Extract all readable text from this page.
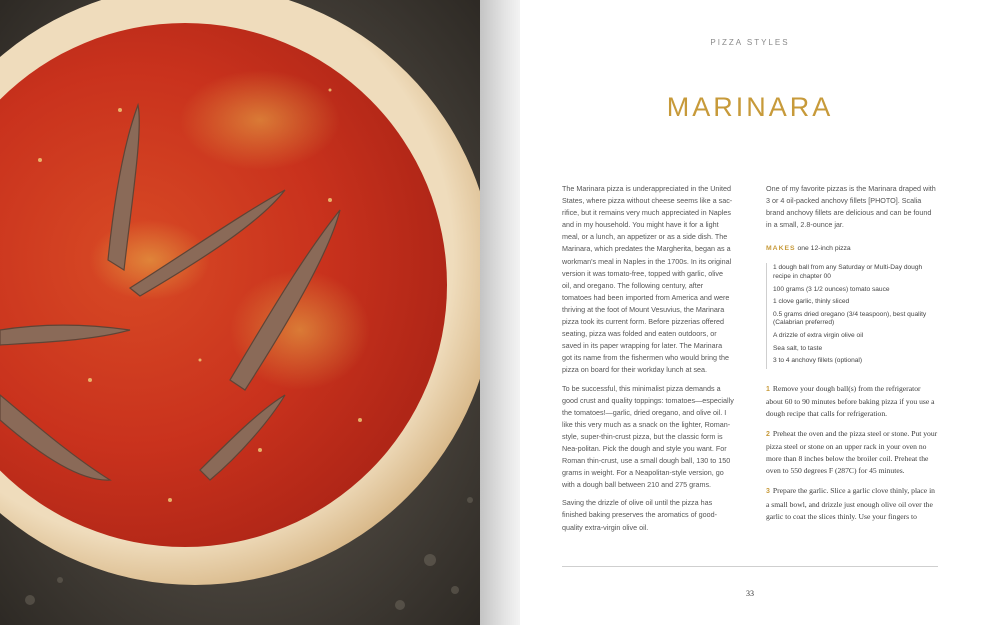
PIZZA STYLES
MARINARA

The Marinara pizza is underappreciated in the United States, where pizza without cheese seems like a sac-rifice, but it remains very much appreciated in Naples and in my household. You might have it for a light meal, or a lunch, an appetizer or as a side dish. The Marinara, which predates the Margherita, began as a workman's meal in Naples in the 1700s. In its original version it was tomato-free, topped with garlic, olive oil, and oregano. The following century, after tomatoes had been imported from America and were thriving at the foot of Mount Vesuvius, the Marinara pizza took its current form. Before pizzerias offered seating, pizza was folded and eaten outdoors, or saved in its paper wrapping for later. The Marinara got its name from the fishermen who would bring the pizza on board for their workday lunch at sea.

To be successful, this minimalist pizza demands a good crust and quality toppings: tomatoes—especially the tomatoes!—garlic, dried oregano, and olive oil. I like this very much as a snack on the lighter, Roman-style, super-thin-crust pizza, but the classic form is Nea-politan. Pick the dough and style you want. For Roman thin-crust, use a small dough ball, 130 to 150 grams in weight. For a Neapolitan-style version, go with a dough ball between 210 and 275 grams.

Saving the drizzle of olive oil until the pizza has finished baking preserves the aromatics of good-quality extra-virgin olive oil.

One of my favorite pizzas is the Marinara draped with 3 or 4 oil-packed anchovy fillets [PHOTO]. Scalia brand anchovy fillets are delicious and can be found in a small, 2.8-ounce jar.

MAKES one 12-inch pizza
1 dough ball from any Saturday or Multi-Day dough recipe in chapter 00
100 grams (3 1/2 ounces) tomato sauce
1 clove garlic, thinly sliced
0.5 grams dried oregano (3/4 teaspoon), best quality (Calabrian preferred)
A drizzle of extra virgin olive oil
Sea salt, to taste
3 to 4 anchovy fillets (optional)
1 Remove your dough ball(s) from the refrigerator about 60 to 90 minutes before baking pizza if you use a dough recipe that calls for refrigeration.
2 Preheat the oven and the pizza steel or stone. Put your pizza steel or stone on an upper rack in your oven no more than 8 inches below the broiler coil. Preheat the oven to 550 degrees F (287C) for 45 minutes.
3 Prepare the garlic. Slice a garlic clove thinly, place in a small bowl, and drizzle just enough olive oil over the garlic to coat the slices thinly. Use your fingers to
33
